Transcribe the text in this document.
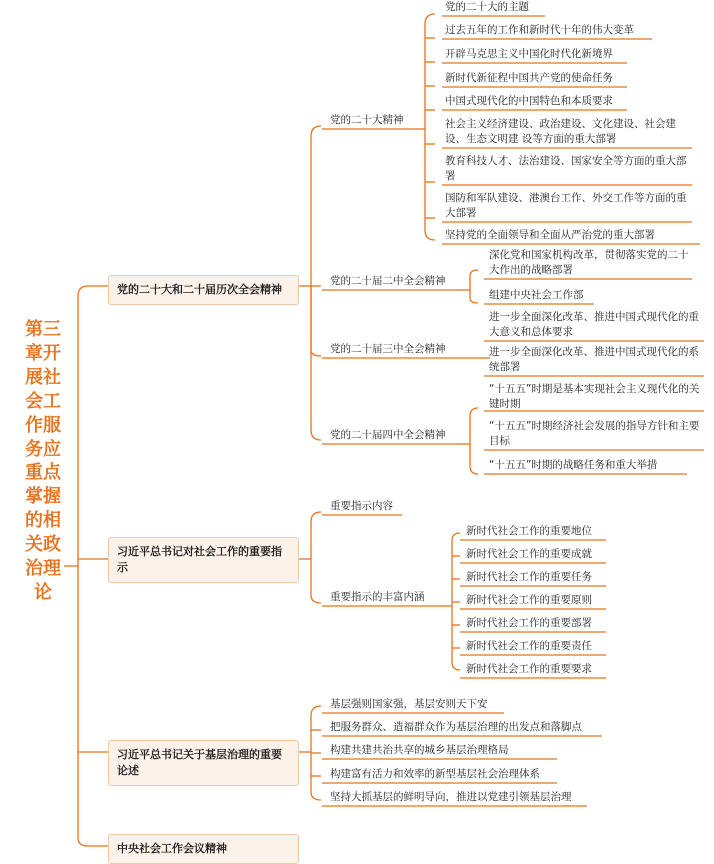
第三章开展社会工作服务应重点掌握的相关政治理论
党的二十大和二十届历次全会精神
习近平总书记对社会工作的重要指示
习近平总书记关于基层治理的重要论述
中央社会工作会议精神
党的二十大精神
党的二十届二中全会精神
党的二十届三中全会精神
党的二十届四中全会精神
重要指示内容
重要指示的丰富内涵
党的二十大的主题
过去五年的工作和新时代十年的伟大变革
开辟马克思主义中国化时代化新境界
新时代新征程中国共产党的使命任务
中国式现代化的中国特色和本质要求
社会主义经济建设、政治建设、文化建设、社会建设、生态文明建 设等方面的重大部署
教育科技人才、法治建设、国家安全等方面的重大部署
国防和军队建设、港澳台工作、外交工作等方面的重大部署
坚持党的全面领导和全面从严治党的重大部署
深化党和国家机构改革，贯彻落实党的二十大作出的战略部署
组建中央社会工作部
进一步全面深化改革、推进中国式现代化的重大意义和总体要求
进一步全面深化改革、推进中国式现代化的系统部署
“十五五”时期是基本实现社会主义现代化的关键时期
“十五五”时期经济社会发展的指导方针和主要目标
“十五五”时期的战略任务和重大举措
新时代社会工作的重要地位
新时代社会工作的重要成就
新时代社会工作的重要任务
新时代社会工作的重要原则
新时代社会工作的重要部署
新时代社会工作的重要责任
新时代社会工作的重要要求
基层强则国家强，基层安则天下安
把服务群众、造福群众作为基层治理的出发点和落脚点
构建共建共治共享的城乡基层治理格局
构建富有活力和效率的新型基层社会治理体系
坚持大抓基层的鲜明导向，推进以党建引领基层治理
